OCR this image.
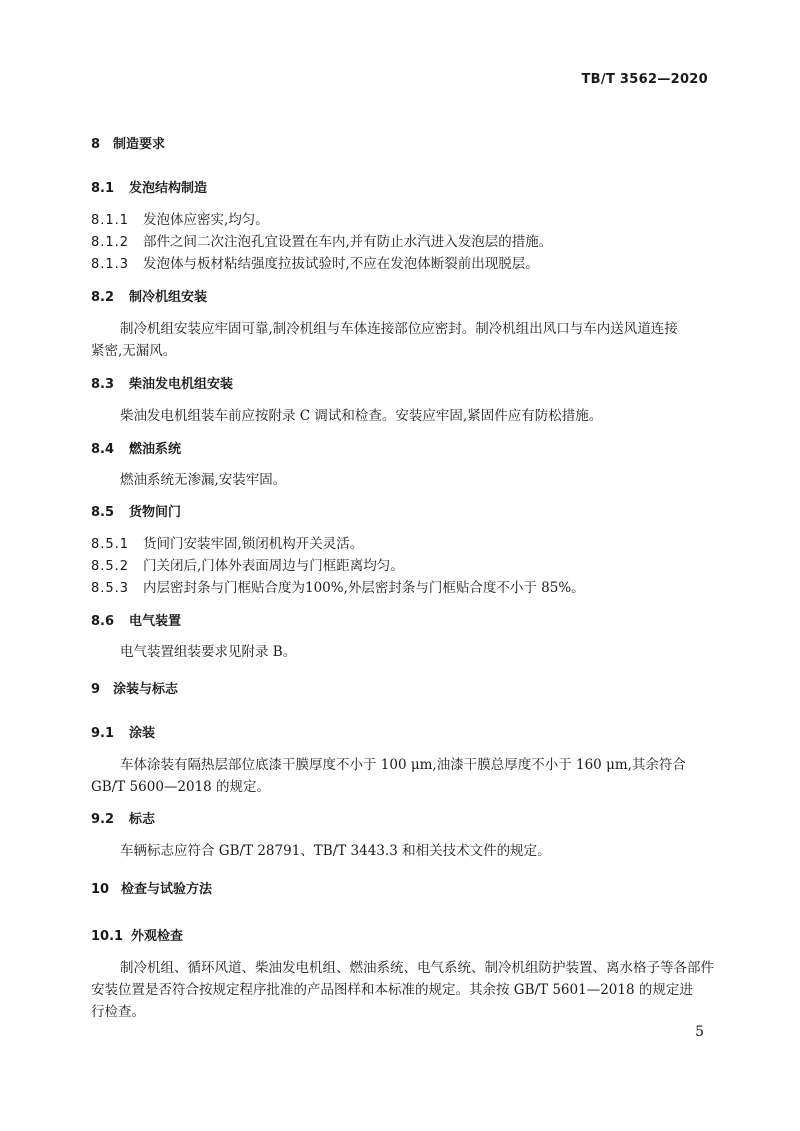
TB/T 3562—2020
8 制造要求
8.1 发泡结构制造
8.1.1 发泡体应密实,均匀。
8.1.2 部件之间二次注泡孔宜设置在车内,并有防止水汽进入发泡层的措施。
8.1.3 发泡体与板材粘结强度拉拔试验时,不应在发泡体断裂前出现脱层。
8.2 制冷机组安装
制冷机组安装应牢固可靠,制冷机组与车体连接部位应密封。制冷机组出风口与车内送风道连接
紧密,无漏风。
8.3 柴油发电机组安装
柴油发电机组装车前应按附录 C 调试和检查。安装应牢固,紧固件应有防松措施。
8.4 燃油系统
燃油系统无渗漏,安装牢固。
8.5 货物间门
8.5.1 货间门安装牢固,锁闭机构开关灵活。
8.5.2 门关闭后,门体外表面周边与门框距离均匀。
8.5.3 内层密封条与门框贴合度为100%,外层密封条与门框贴合度不小于 85%。
8.6 电气装置
电气装置组装要求见附录 B。
9 涂装与标志
9.1 涂装
车体涂装有隔热层部位底漆干膜厚度不小于 100 μm,油漆干膜总厚度不小于 160 μm,其余符合
GB/T 5600—2018 的规定。
9.2 标志
车辆标志应符合 GB/T 28791、TB/T 3443.3 和相关技术文件的规定。
10 检查与试验方法
10.1 外观检查
制冷机组、循环风道、柴油发电机组、燃油系统、电气系统、制冷机组防护装置、离水格子等各部件
安装位置是否符合按规定程序批准的产品图样和本标准的规定。其余按 GB/T 5601—2018 的规定进
行检查。
5
